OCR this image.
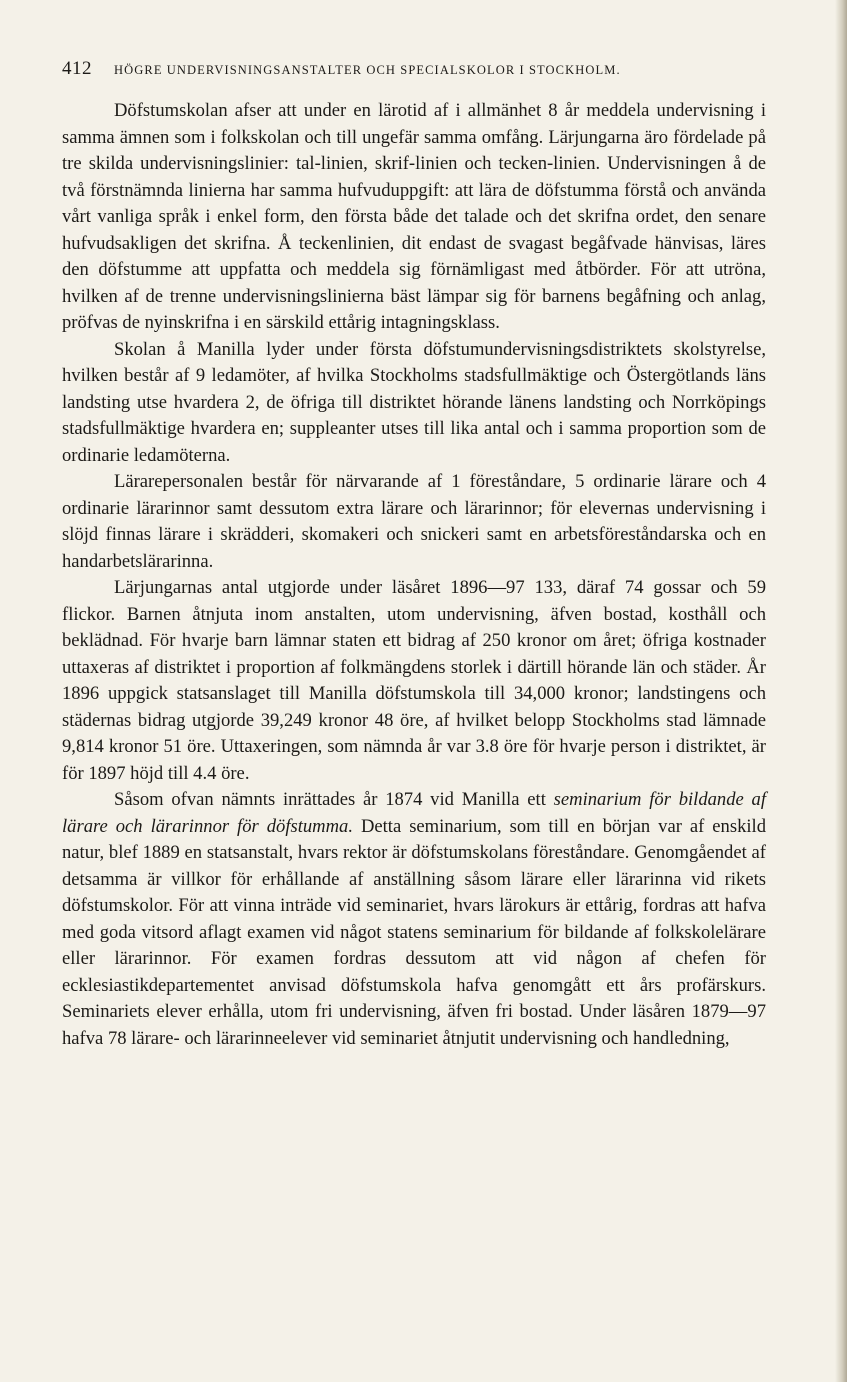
412 HÖGRE UNDERVISNINGSANSTALTER OCH SPECIALSKOLOR I STOCKHOLM.

Döfstumskolan afser att under en lärotid af i allmänhet 8 år meddela undervisning i samma ämnen som i folkskolan och till ungefär samma omfång. Lärjungarna äro fördelade på tre skilda undervisningslinier: tal-linien, skrif-linien och tecken-linien. Undervisningen å de två förstnämnda linierna har samma hufvuduppgift: att lära de döfstumma förstå och använda vårt vanliga språk i enkel form, den första både det talade och det skrifna ordet, den senare hufvudsakligen det skrifna. Å teckenlinien, dit endast de svagast begåfvade hänvisas, läres den döfstumme att uppfatta och meddela sig förnämligast med åtbörder. För att utröna, hvilken af de trenne undervisningslinierna bäst lämpar sig för barnens begåfning och anlag, pröfvas de nyinskrifna i en särskild ettårig intagningsklass.

Skolan å Manilla lyder under första döfstumundervisningsdistriktets skolstyrelse, hvilken består af 9 ledamöter, af hvilka Stockholms stadsfullmäktige och Östergötlands läns landsting utse hvardera 2, de öfriga till distriktet hörande länens landsting och Norrköpings stadsfullmäktige hvardera en; suppleanter utses till lika antal och i samma proportion som de ordinarie ledamöterna.

Lärarepersonalen består för närvarande af 1 föreståndare, 5 ordinarie lärare och 4 ordinarie lärarinnor samt dessutom extra lärare och lärarinnor; för elevernas undervisning i slöjd finnas lärare i skrädderi, skomakeri och snickeri samt en arbetsföreståndarska och en handarbetslärarinna.

Lärjungarnas antal utgjorde under läsåret 1896—97 133, däraf 74 gossar och 59 flickor. Barnen åtnjuta inom anstalten, utom undervisning, äfven bostad, kosthåll och beklädnad. För hvarje barn lämnar staten ett bidrag af 250 kronor om året; öfriga kostnader uttaxeras af distriktet i proportion af folkmängdens storlek i därtill hörande län och städer. År 1896 uppgick statsanslaget till Manilla döfstumskola till 34,000 kronor; landstingens och städernas bidrag utgjorde 39,249 kronor 48 öre, af hvilket belopp Stockholms stad lämnade 9,814 kronor 51 öre. Uttaxeringen, som nämnda år var 3.8 öre för hvarje person i distriktet, är för 1897 höjd till 4.4 öre.

Såsom ofvan nämnts inrättades år 1874 vid Manilla ett seminarium för bildande af lärare och lärarinnor för döfstumma. Detta seminarium, som till en början var af enskild natur, blef 1889 en statsanstalt, hvars rektor är döfstumskolans föreståndare. Genomgåendet af detsamma är villkor för erhållande af anställning såsom lärare eller lärarinna vid rikets döfstumskolor. För att vinna inträde vid seminariet, hvars lärokurs är ettårig, fordras att hafva med goda vitsord aflagt examen vid något statens seminarium för bildande af folkskolelärare eller lärarinnor. För examen fordras dessutom att vid någon af chefen för ecklesiastikdepartementet anvisad döfstumskola hafva genomgått ett års profärskurs. Seminariets elever erhålla, utom fri undervisning, äfven fri bostad. Under läsåren 1879—97 hafva 78 lärare- och lärarinneelever vid seminariet åtnjutit undervisning och handledning,
